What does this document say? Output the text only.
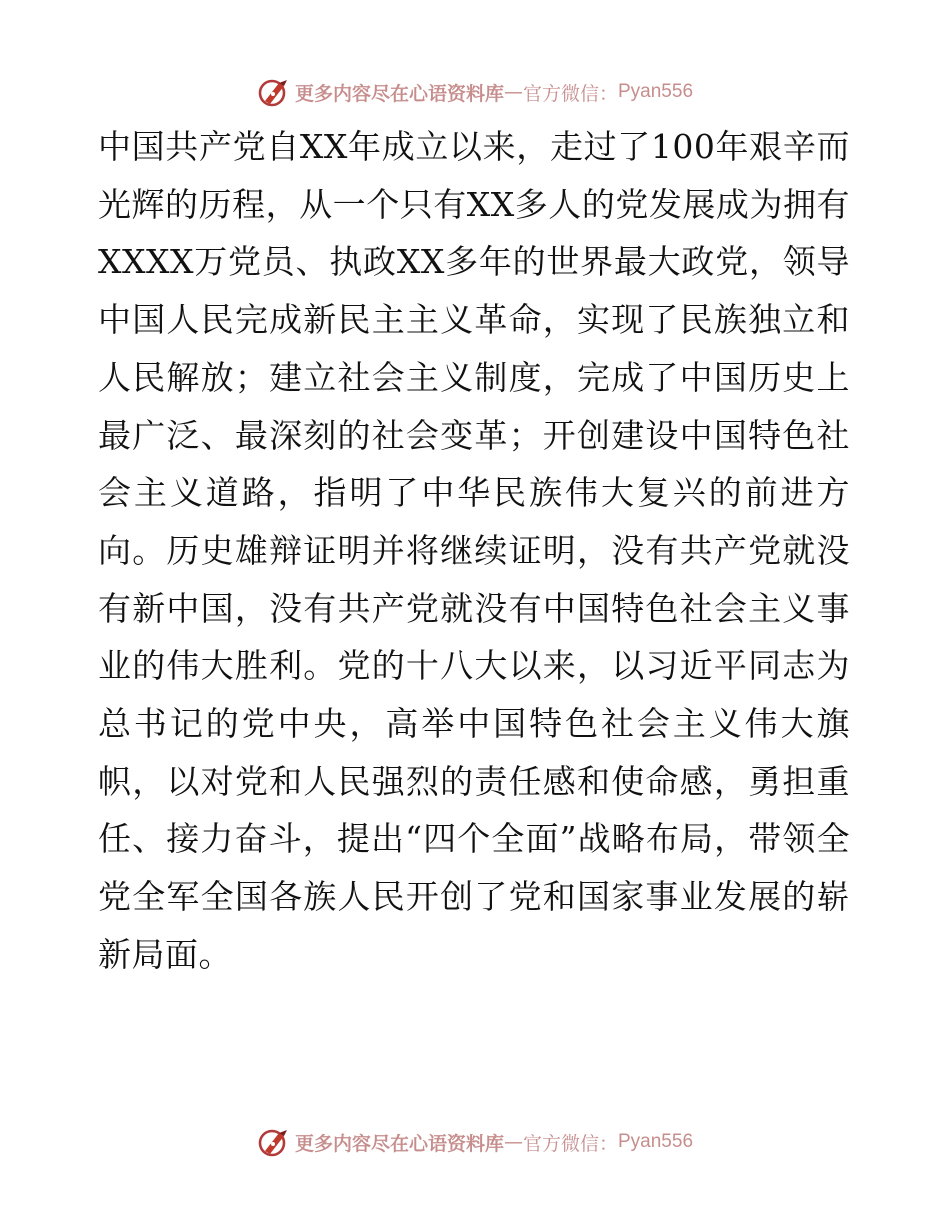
更多内容尽在心语资料库 — 官方微信： Pyan556
中国共产党自XX年成立以来，走过了100年艰辛而光辉的历程，从一个只有XX多人的党发展成为拥有XXXX万党员、执政XX多年的世界最大政党，领导中国人民完成新民主主义革命，实现了民族独立和人民解放；建立社会主义制度，完成了中国历史上最广泛、最深刻的社会变革；开创建设中国特色社会主义道路，指明了中华民族伟大复兴的前进方向。历史雄辩证明并将继续证明，没有共产党就没有新中国，没有共产党就没有中国特色社会主义事业的伟大胜利。党的十八大以来，以习近平同志为总书记的党中央，高举中国特色社会主义伟大旗帜，以对党和人民强烈的责任感和使命感，勇担重任、接力奋斗，提出“四个全面”战略布局，带领全党全军全国各族人民开创了党和国家事业发展的崭新局面。
更多内容尽在心语资料库 — 官方微信： Pyan556
